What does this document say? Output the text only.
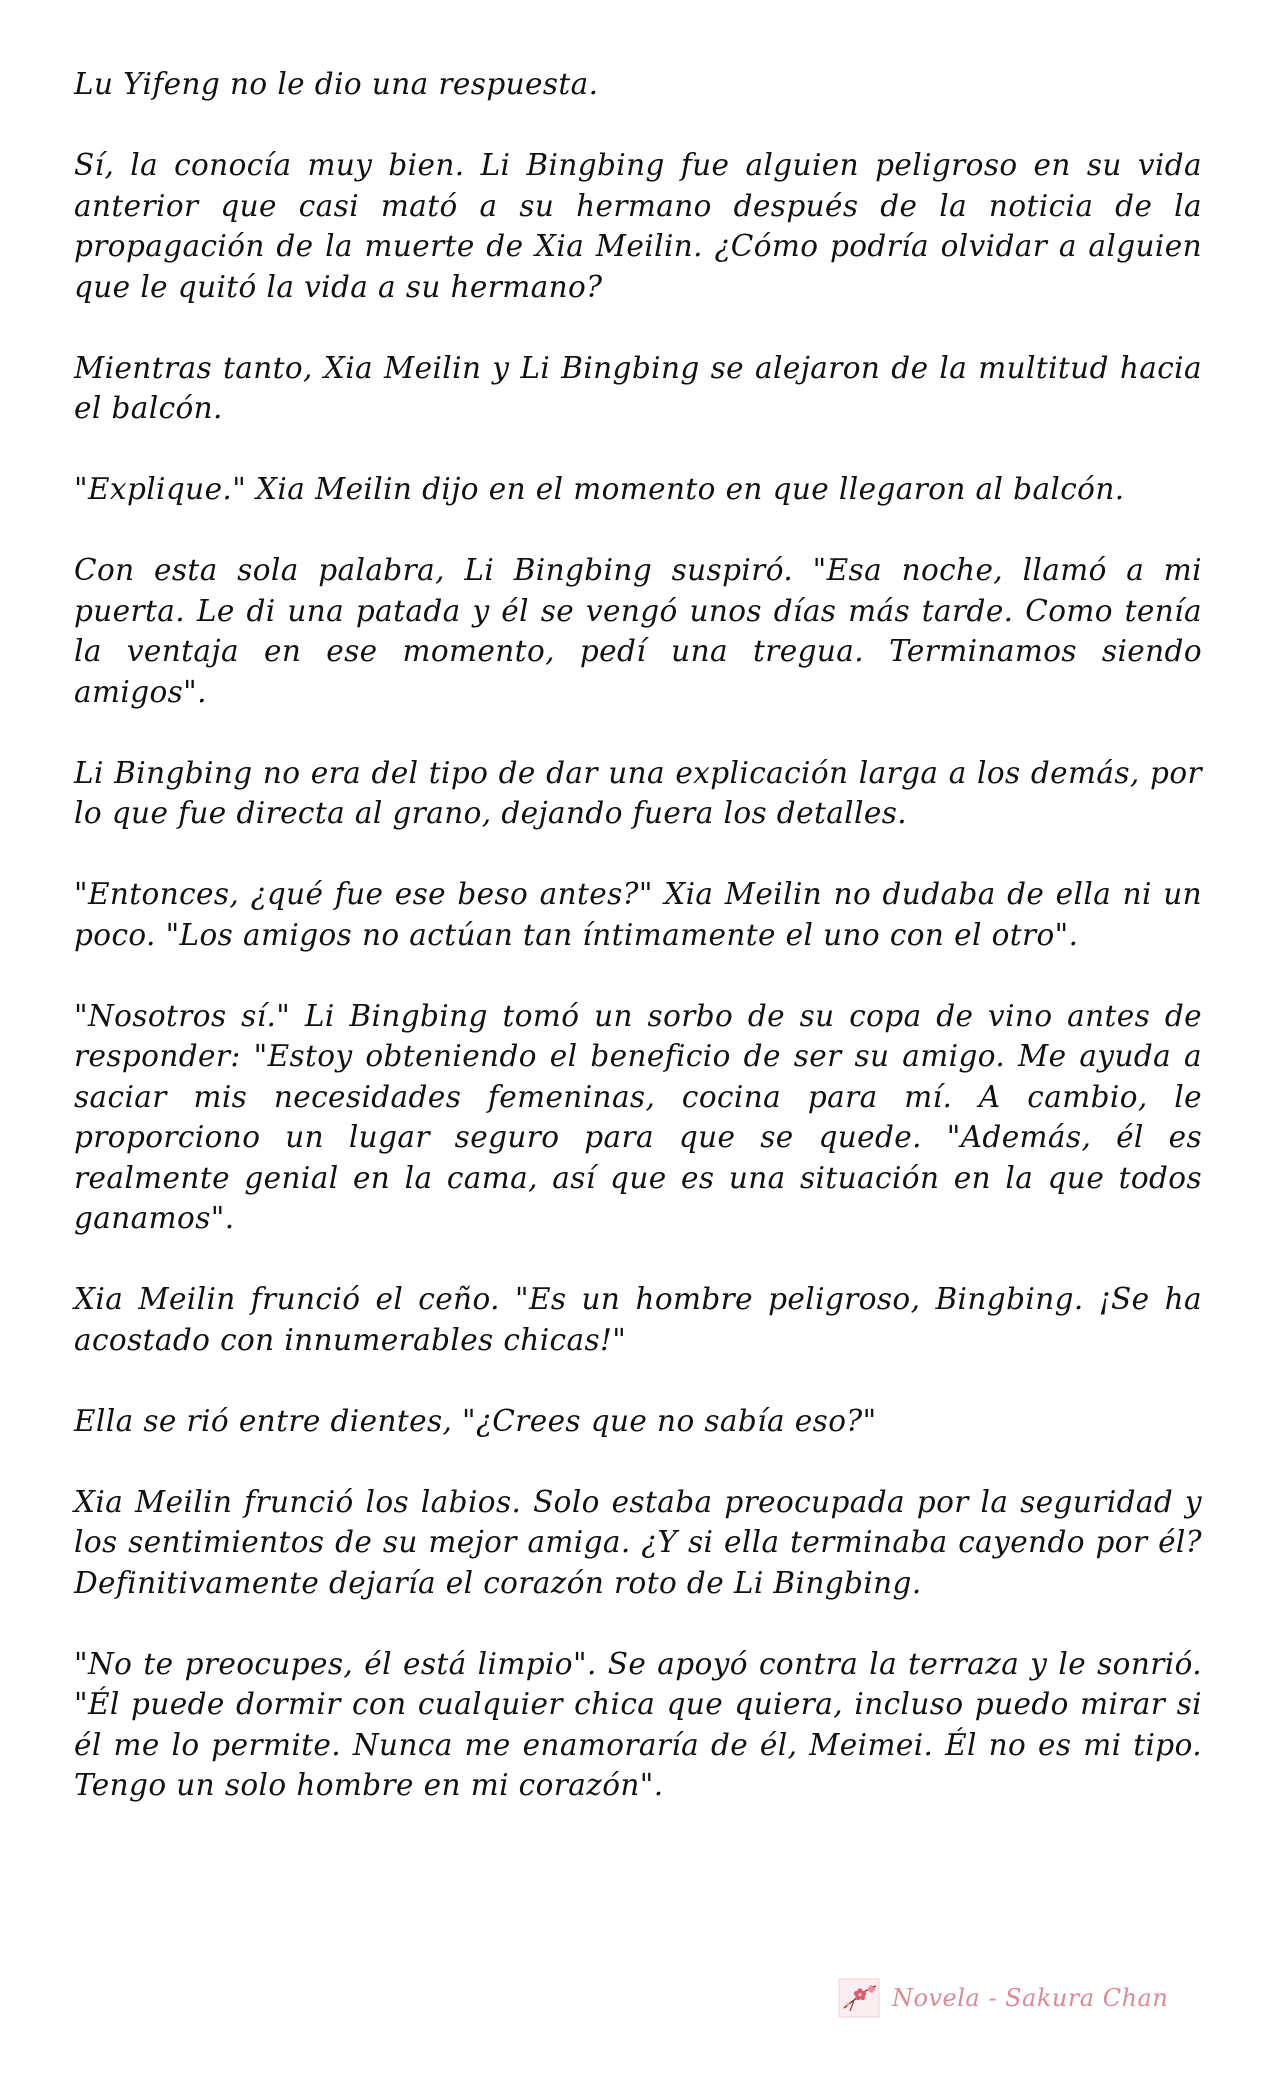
Lu Yifeng no le dio una respuesta.

Sí, la conocía muy bien. Li Bingbing fue alguien peligroso en su vida anterior que casi mató a su hermano después de la noticia de la propagación de la muerte de Xia Meilin. ¿Cómo podría olvidar a alguien que le quitó la vida a su hermano?

Mientras tanto, Xia Meilin y Li Bingbing se alejaron de la multitud hacia el balcón.

"Explique." Xia Meilin dijo en el momento en que llegaron al balcón.

Con esta sola palabra, Li Bingbing suspiró. "Esa noche, llamó a mi puerta. Le di una patada y él se vengó unos días más tarde. Como tenía la ventaja en ese momento, pedí una tregua. Terminamos siendo amigos".

Li Bingbing no era del tipo de dar una explicación larga a los demás, por lo que fue directa al grano, dejando fuera los detalles.

"Entonces, ¿qué fue ese beso antes?" Xia Meilin no dudaba de ella ni un poco. "Los amigos no actúan tan íntimamente el uno con el otro".

"Nosotros sí." Li Bingbing tomó un sorbo de su copa de vino antes de responder: "Estoy obteniendo el beneficio de ser su amigo. Me ayuda a saciar mis necesidades femeninas, cocina para mí. A cambio, le proporciono un lugar seguro para que se quede. "Además, él es realmente genial en la cama, así que es una situación en la que todos ganamos".

Xia Meilin frunció el ceño. "Es un hombre peligroso, Bingbing. ¡Se ha acostado con innumerables chicas!"

Ella se rió entre dientes, "¿Crees que no sabía eso?"

Xia Meilin frunció los labios. Solo estaba preocupada por la seguridad y los sentimientos de su mejor amiga. ¿Y si ella terminaba cayendo por él? Definitivamente dejaría el corazón roto de Li Bingbing.

"No te preocupes, él está limpio". Se apoyó contra la terraza y le sonrió. "Él puede dormir con cualquier chica que quiera, incluso puedo mirar si él me lo permite. Nunca me enamoraría de él, Meimei. Él no es mi tipo. Tengo un solo hombre en mi corazón".

Novela - Sakura Chan
